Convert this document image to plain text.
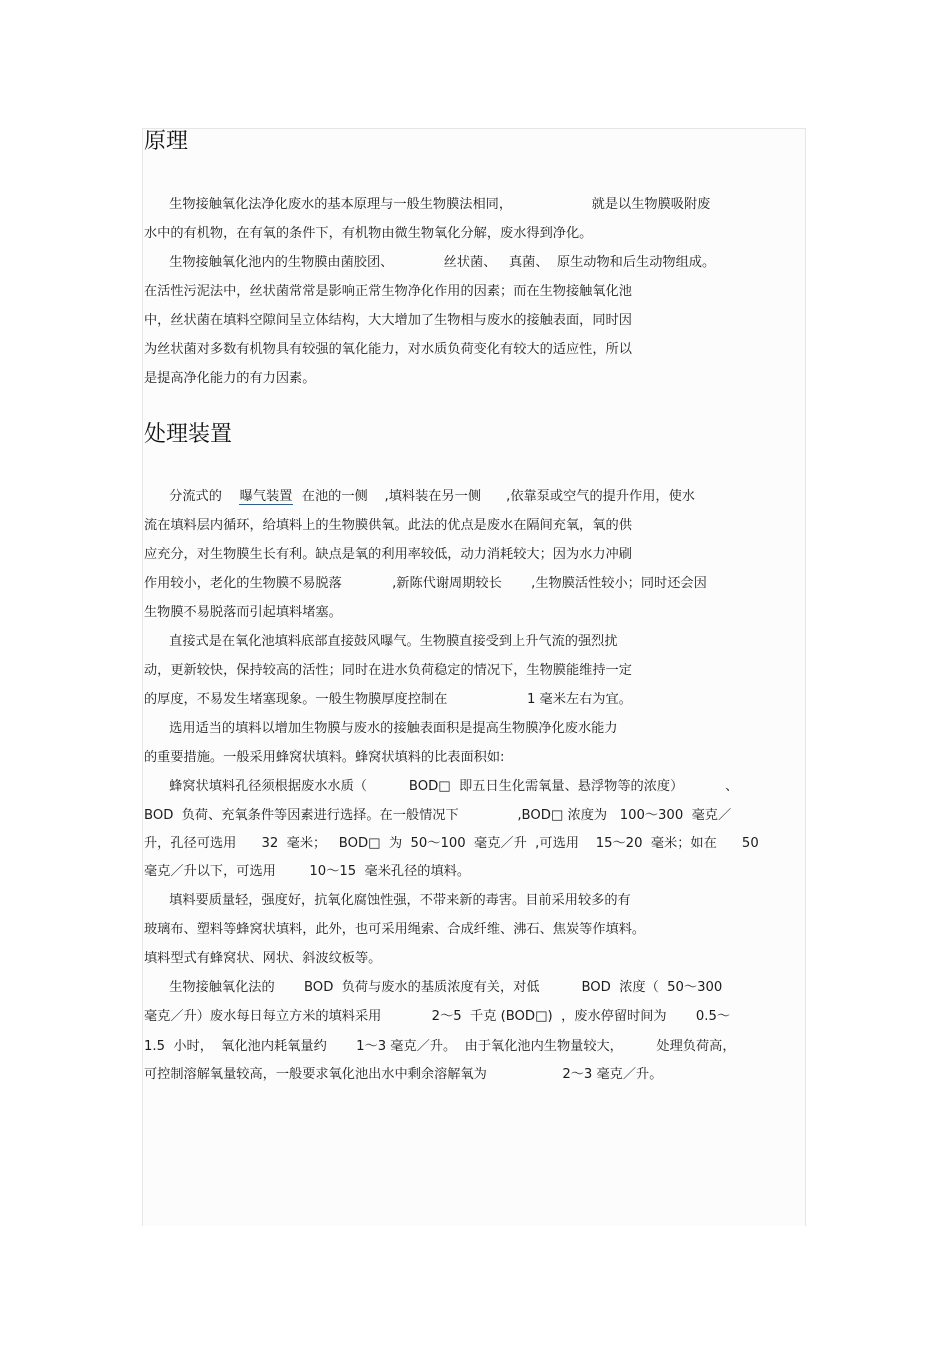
原理
生物接触氧化法净化废水的基本原理与一般生物膜法相同，                   就是以生物膜吸附废
水中的有机物，在有氧的条件下，有机物由微生物氧化分解，废水得到净化。
生物接触氧化池内的生物膜由菌胶团、            丝状菌、   真菌、  原生动物和后生动物组成。
在活性污泥法中，丝状菌常常是影响正常生物净化作用的因素；而在生物接触氧化池
中，丝状菌在填料空隙间呈立体结构，大大增加了生物相与废水的接触表面，同时因
为丝状菌对多数有机物具有较强的氧化能力，对水质负荷变化有较大的适应性，所以
是提高净化能力的有力因素。
处理装置
分流式的    曝气装置  在池的一侧    ,填料装在另一侧      ,依靠泵或空气的提升作用，使水
流在填料层内循环，给填料上的生物膜供氧。此法的优点是废水在隔间充氧，氧的供
应充分，对生物膜生长有利。缺点是氧的利用率较低，动力消耗较大；因为水力冲刷
作用较小，老化的生物膜不易脱落            ,新陈代谢周期较长       ,生物膜活性较小；同时还会因
生物膜不易脱落而引起填料堵塞。
直接式是在氧化池填料底部直接鼓风曝气。生物膜直接受到上升气流的强烈扰
动，更新较快，保持较高的活性；同时在进水负荷稳定的情况下，生物膜能维持一定
的厚度，不易发生堵塞现象。一般生物膜厚度控制在                   1 毫米左右为宜。
选用适当的填料以增加生物膜与废水的接触表面积是提高生物膜净化废水能力
的重要措施。一般采用蜂窝状填料。蜂窝状填料的比表面积如:
蜂窝状填料孔径须根据废水水质（          BOD□  即五日生化需氧量、悬浮物等的浓度）          、
BOD  负荷、充氧条件等因素进行选择。在一般情况下              ,BOD□ 浓度为   100～300  毫克／
升，孔径可选用      32  毫米；   BOD□  为  50～100  毫克／升  ,可选用    15～20  毫米；如在      50
毫克／升以下，可选用        10～15  毫米孔径的填料。
填料要质量轻，强度好，抗氧化腐蚀性强，不带来新的毒害。目前采用较多的有
玻璃布、塑料等蜂窝状填料，此外，也可采用绳索、合成纤维、沸石、焦炭等作填料。
填料型式有蜂窝状、网状、斜波纹板等。
生物接触氧化法的       BOD  负荷与废水的基质浓度有关，对低          BOD  浓度（  50～300
毫克／升）废水每日每立方米的填料采用            2～5  千克 (BOD□)  ，废水停留时间为       0.5～
1.5  小时，  氧化池内耗氧量约       1～3 毫克／升。  由于氧化池内生物量较大，        处理负荷高，
可控制溶解氧量较高，一般要求氧化池出水中剩余溶解氧为                  2～3 毫克／升。
